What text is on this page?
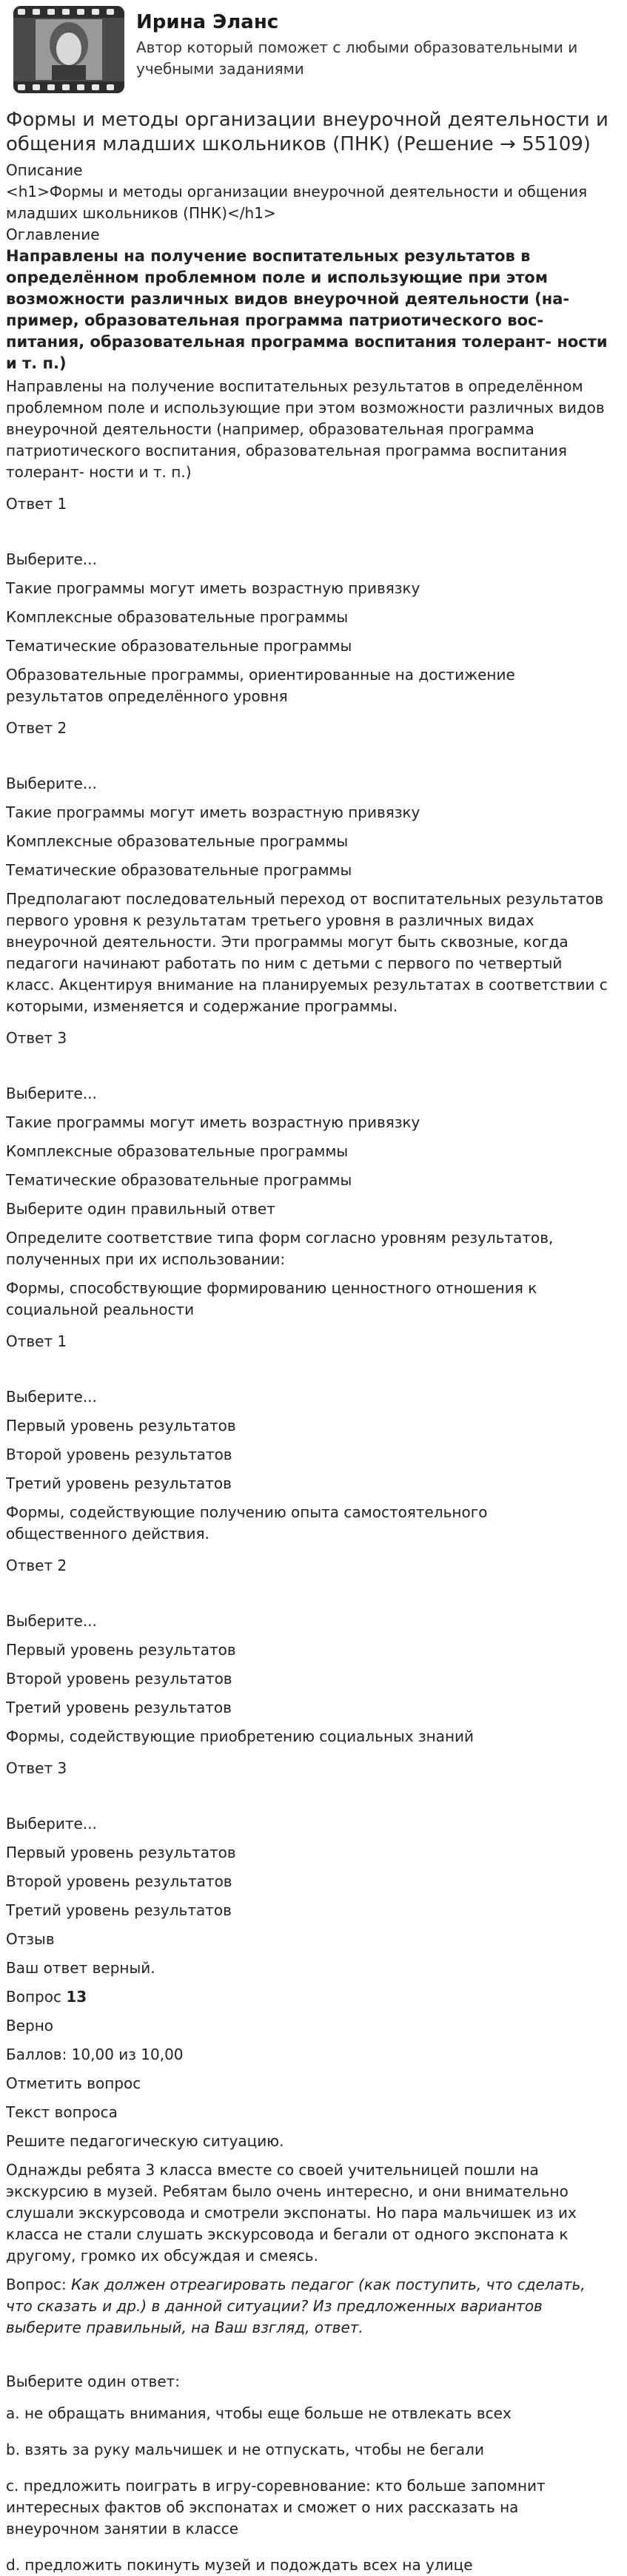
Ирина Эланс
Автор который поможет с любыми образовательными и учебными заданиями
Формы и методы организации внеурочной деятельности и общения младших школьников (ПНК) (Решение → 55109)

Описание

<h1>Формы и методы организации внеурочной деятельности и общения младших школьников (ПНК)</h1>

Оглавление

Направлены на получение воспитательных результатов в определённом проблемном поле и использующие при этом возможности различных видов внеурочной деятельности (на- пример, образовательная программа патриотического вос- питания, образовательная программа воспитания толерант- ности и т. п.)

Направлены на получение воспитательных результатов в определённом проблемном поле и использующие при этом возможности различных видов внеурочной деятельности (например, образовательная программа патриотического воспитания, образовательная программа воспитания толерант- ности и т. п.)

Ответ 1

Выберите...

Такие программы могут иметь возрастную привязку

Комплексные образовательные программы

Тематические образовательные программы

Образовательные программы, ориентированные на достижение результатов определённого уровня

Ответ 2

Выберите...

Такие программы могут иметь возрастную привязку

Комплексные образовательные программы

Тематические образовательные программы

Предполагают последовательный переход от воспитательных результатов первого уровня к результатам третьего уровня в различных видах внеурочной деятельности. Эти программы могут быть сквозные, когда педагоги начинают работать по ним с детьми с первого по четвертый класс. Акцентируя внимание на планируемых результатах в соответствии с которыми, изменяется и содержание программы.

Ответ 3

Выберите...

Такие программы могут иметь возрастную привязку

Комплексные образовательные программы

Тематические образовательные программы

Выберите один правильный ответ

Определите соответствие типа форм согласно уровням результатов, полученных при их использовании:

Формы, способствующие формированию ценностного отношения к социальной реальности

Ответ 1

Выберите...

Первый уровень результатов

Второй уровень результатов

Третий уровень результатов

Формы, содействующие получению опыта самостоятельного общественного действия.

Ответ 2

Выберите...

Первый уровень результатов

Второй уровень результатов

Третий уровень результатов

Формы, содействующие приобретению социальных знаний

Ответ 3

Выберите...

Первый уровень результатов

Второй уровень результатов

Третий уровень результатов

Отзыв

Ваш ответ верный.

Вопрос 13

Верно

Баллов: 10,00 из 10,00

Отметить вопрос

Текст вопроса

Решите педагогическую ситуацию.

Однажды ребята 3 класса вместе со своей учительницей пошли на экскурсию в музей. Ребятам было очень интересно, и они внимательно слушали экскурсовода и смотрели экспонаты. Но пара мальчишек из их класса не стали слушать экскурсовода и бегали от одного экспоната к другому, громко их обсуждая и смеясь.

Вопрос: Как должен отреагировать педагог (как поступить, что сделать, что сказать и др.) в данной ситуации? Из предложенных вариантов выберите правильный, на Ваш взгляд, ответ.

Выберите один ответ:

a. не обращать внимания, чтобы еще больше не отвлекать всех

b. взять за руку мальчишек и не отпускать, чтобы не бегали

c. предложить поиграть в игру-соревнование: кто больше запомнит интересных фактов об экспонатах и сможет о них рассказать на внеурочном занятии в классе

d. предложить покинуть музей и подождать всех на улице
